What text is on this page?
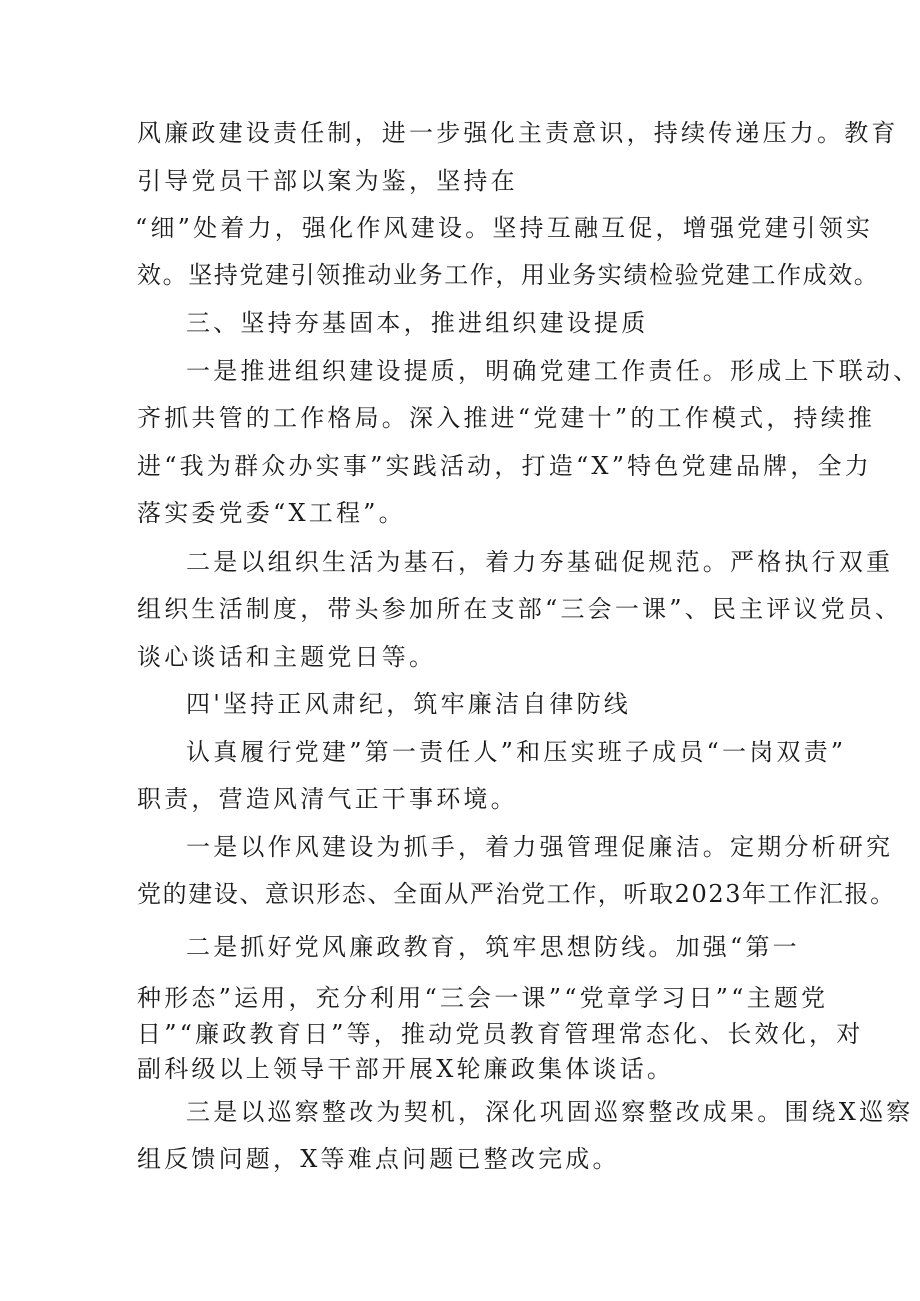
风廉政建设责任制，进一步强化主责意识，持续传递压力。教育
引导党员干部以案为鉴，坚持在
“细”处着力，强化作风建设。坚持互融互促，增强党建引领实
效。坚持党建引领推动业务工作，用业务实绩检验党建工作成效。
三、坚持夯基固本，推进组织建设提质
一是推进组织建设提质，明确党建工作责任。形成上下联动、
齐抓共管的工作格局。深入推进“党建十”的工作模式，持续推
进“我为群众办实事”实践活动，打造“X”特色党建品牌，全力
落实委党委“X工程”。
二是以组织生活为基石，着力夯基础促规范。严格执行双重
组织生活制度，带头参加所在支部“三会一课”、民主评议党员、
谈心谈话和主题党日等。
四'坚持正风肃纪，筑牢廉洁自律防线
认真履行党建”第一责任人”和压实班子成员“一岗双责”
职责，营造风清气正干事环境。
一是以作风建设为抓手，着力强管理促廉洁。定期分析研究
党的建设、意识形态、全面从严治党工作，听取2023年工作汇报。
二是抓好党风廉政教育，筑牢思想防线。加强“第一
种形态”运用，充分利用“三会一课”“党章学习日”“主题党
日”“廉政教育日”等，推动党员教育管理常态化、长效化，对
副科级以上领导干部开展X轮廉政集体谈话。
三是以巡察整改为契机，深化巩固巡察整改成果。围绕X巡察
组反馈问题，X等难点问题已整改完成。
